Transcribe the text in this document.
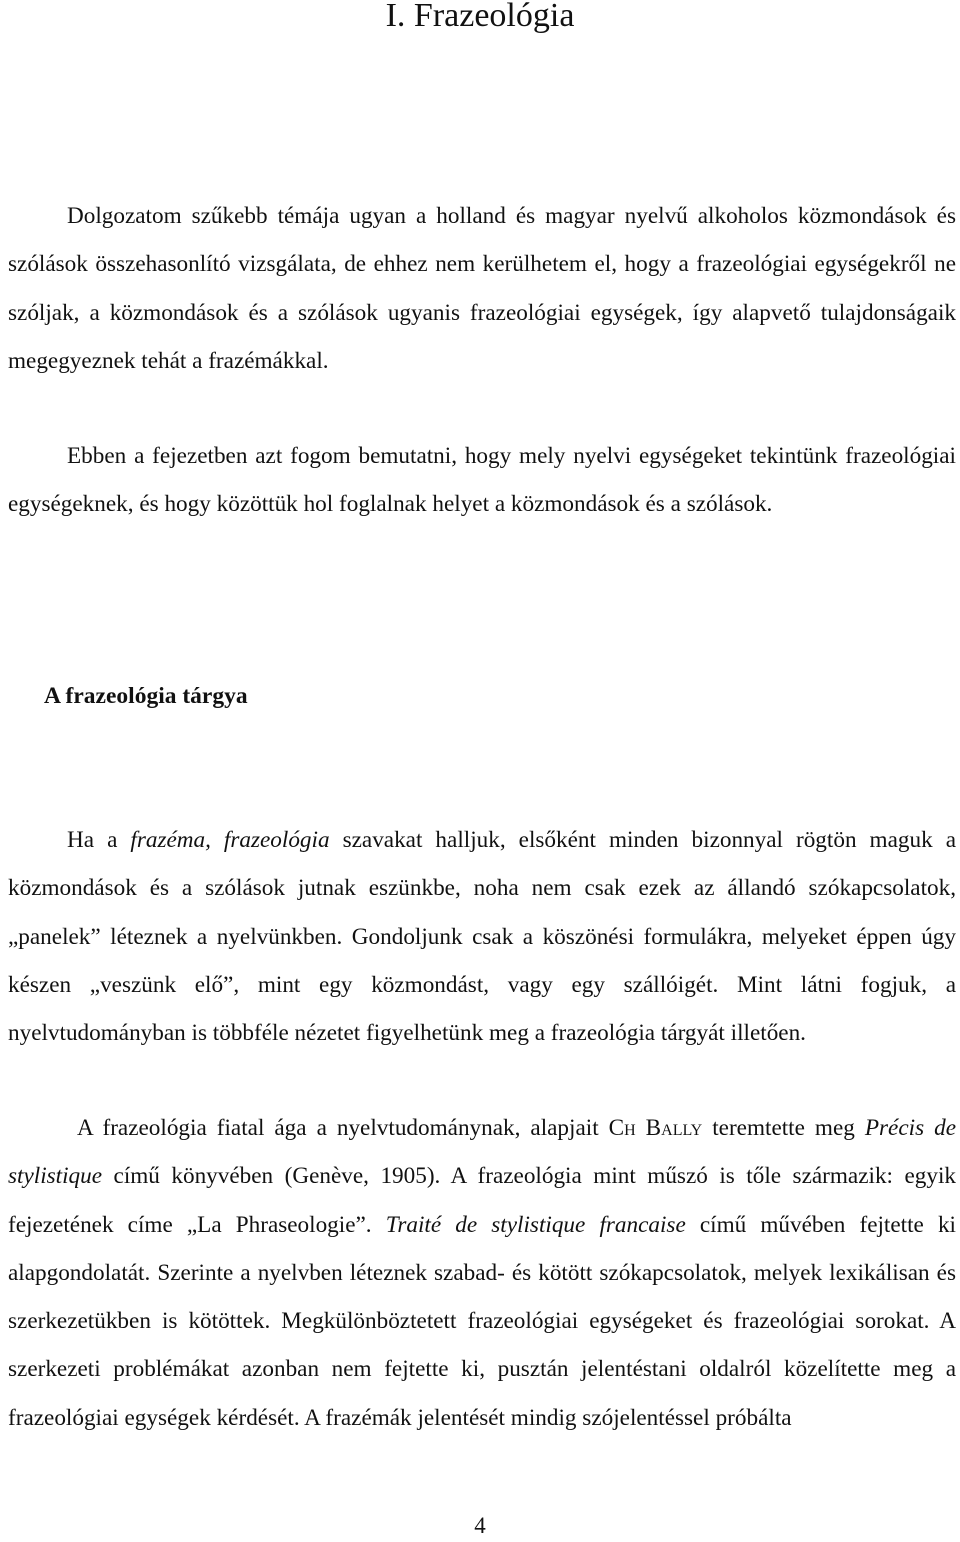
I. Frazeológia

Dolgozatom szűkebb témája ugyan a holland és magyar nyelvű alkoholos közmondások és szólások összehasonlító vizsgálata, de ehhez nem kerülhetem el, hogy a frazeológiai egységekről ne szóljak, a közmondások és a szólások ugyanis frazeológiai egységek, így alapvető tulajdonságaik megegyeznek tehát a frazémákkal.

Ebben a fejezetben azt fogom bemutatni, hogy mely nyelvi egységeket tekintünk frazeológiai egységeknek, és hogy közöttük hol foglalnak helyet a közmondások és a szólások.

A frazeológia tárgya

Ha a frazéma, frazeológia szavakat halljuk, elsőként minden bizonnyal rögtön maguk a közmondások és a szólások jutnak eszünkbe, noha nem csak ezek az állandó szókapcsolatok, „panelek” léteznek a nyelvünkben. Gondoljunk csak a köszönési formulákra, melyeket éppen úgy készen „veszünk elő”, mint egy közmondást, vagy egy szállóigét. Mint látni fogjuk, a nyelvtudományban is többféle nézetet figyelhetünk meg a frazeológia tárgyát illetően.

A frazeológia fiatal ága a nyelvtudománynak, alapjait Ch Bally teremtette meg Précis de stylistique című könyvében (Genève, 1905). A frazeológia mint műszó is tőle származik: egyik fejezetének címe „La Phraseologie”. Traité de stylistique francaise című művében fejtette ki alapgondolatát. Szerinte a nyelvben léteznek szabad- és kötött szókapcsolatok, melyek lexikálisan és szerkezetükben is kötöttek. Megkülönböztetett frazeológiai egységeket és frazeológiai sorokat. A szerkezeti problémákat azonban nem fejtette ki, pusztán jelentéstani oldalról közelítette meg a frazeológiai egységek kérdését. A frazémák jelentését mindig szójelentéssel próbálta

4
